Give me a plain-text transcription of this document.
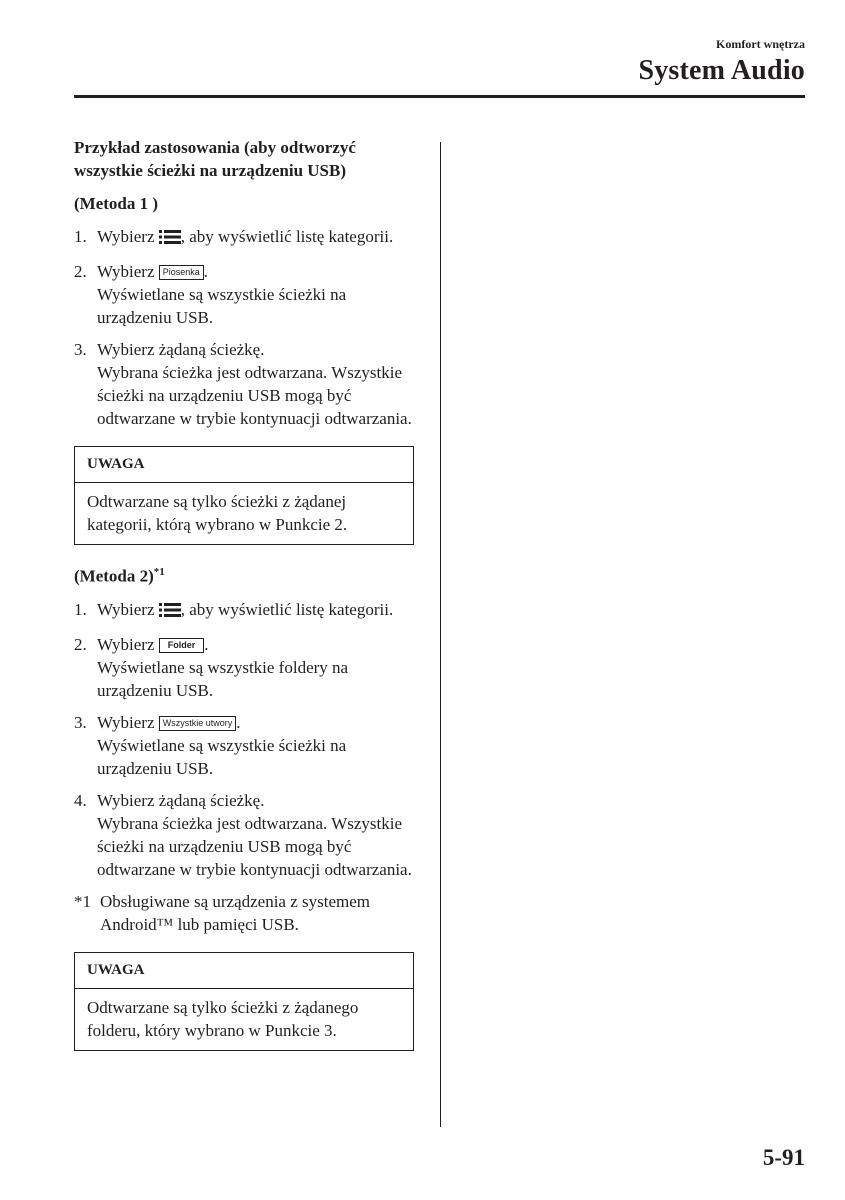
Komfort wnętrza
System Audio

Przykład zastosowania (aby odtworzyć wszystkie ścieżki na urządzeniu USB)

(Metoda 1 )

1. Wybierz , aby wyświetlić listę kategorii.

2. Wybierz Piosenka .

Wyświetlane są wszystkie ścieżki na urządzeniu USB.

3. Wybierz żądaną ścieżkę.

Wybrana ścieżka jest odtwarzana. Wszystkie ścieżki na urządzeniu USB mogą być odtwarzane w trybie kontynuacji odtwarzania.

UWAGA
Odtwarzane są tylko ścieżki z żądanej kategorii, którą wybrano w Punkcie 2.

(Metoda 2)$^{*1}$

1. Wybierz , aby wyświetlić listę kategorii.

2. Wybierz Folder .

Wyświetlane są wszystkie foldery na urządzeniu USB.

3. Wybierz Wszystkie utwory .

Wyświetlane są wszystkie ścieżki na urządzeniu USB.

4. Wybierz żądaną ścieżkę.

Wybrana ścieżka jest odtwarzana. Wszystkie ścieżki na urządzeniu USB mogą być odtwarzane w trybie kontynuacji odtwarzania.

*1 Obsługiwane są urządzenia z systemem Android™ lub pamięci USB.
UWAGA
Odtwarzane są tylko ścieżki z żądanego folderu, który wybrano w Punkcie 3.
5-91
